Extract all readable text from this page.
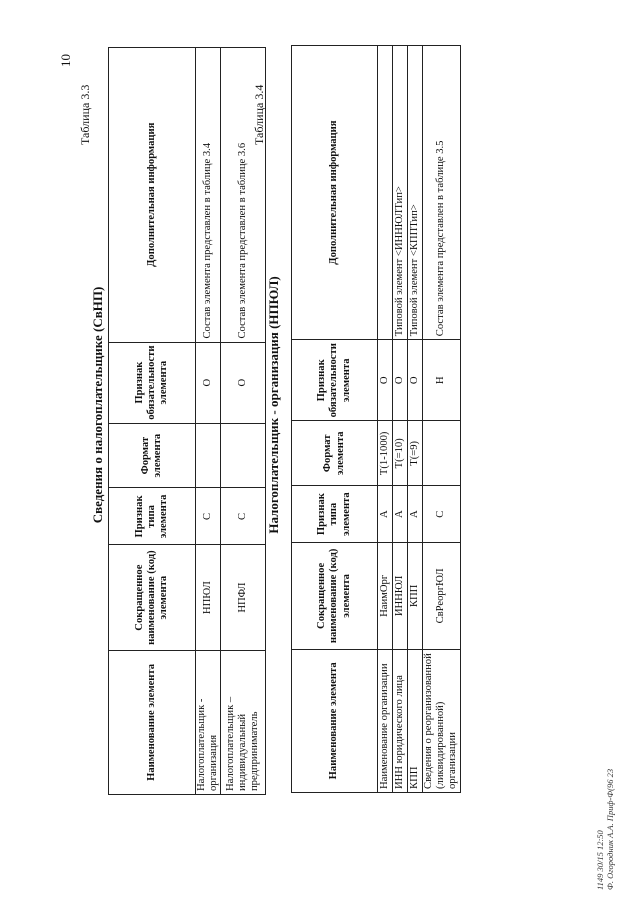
10
Таблица 3.3
Сведения о налогоплательщике (СвНП)
Наименование элемента	Сокращенное наименование (код) элемента	Признак типа элемента	Формат элемента	Признак обязательности элемента	Дополнительная информация
Налогоплательщик - организация	НПЮЛ	С		О	Состав элемента представлен в таблице 3.4
Налогоплательщик – индивидуальный предприниматель	НПФЛ	С		О	Состав элемента представлен в таблице 3.6
Таблица 3.4
Налогоплательщик - организация (НПЮЛ)
Наименование элемента	Сокращенное наименование (код) элемента	Признак типа элемента	Формат элемента	Признак обязательности элемента	Дополнительная информация
Наименование организации	НаимОрг	А	T(1-1000)	О	
ИНН юридического лица	ИННЮЛ	А	T(=10)	О	Типовой элемент <ИННЮЛТип>
КПП	КПП	А	T(=9)	О	Типовой элемент <КППТип>
Сведения о реорганизованной (ликвидированной) организации	СвРеоргЮЛ	С		Н	Состав элемента представлен в таблице 3.5
1149 30/15 12:50 Ф. Огородник А.А. Приф-Ф(96 23
